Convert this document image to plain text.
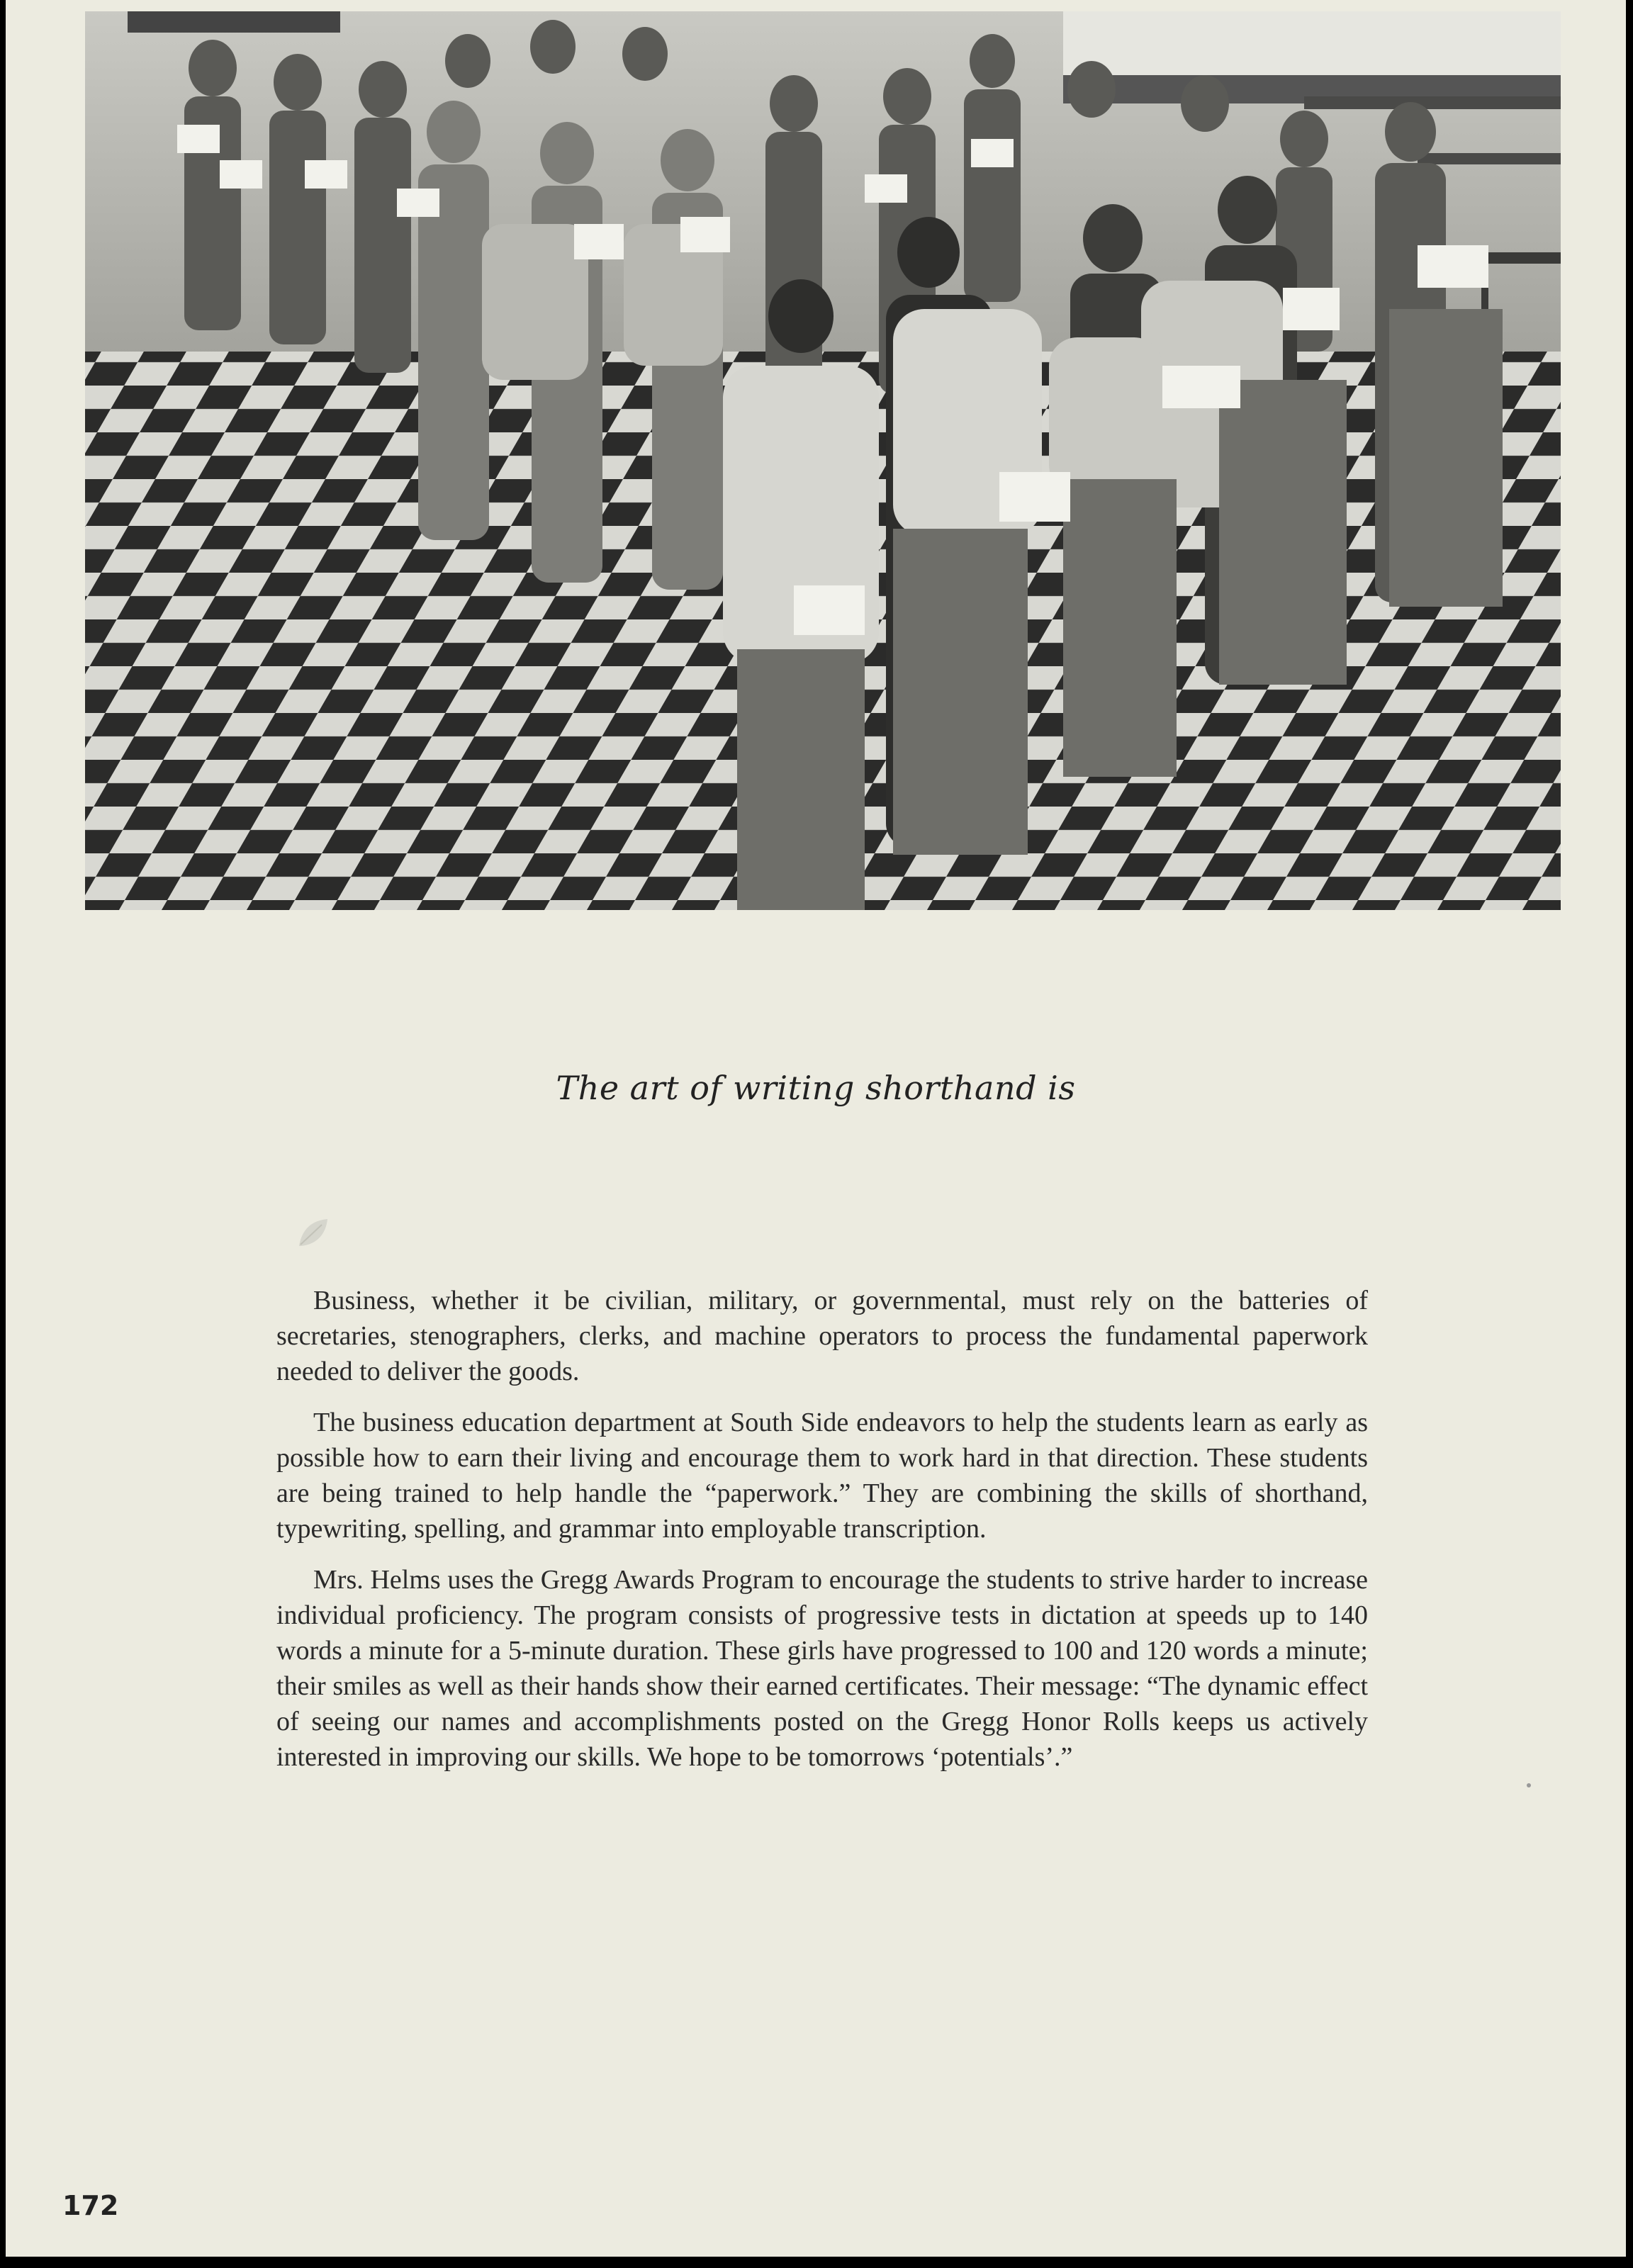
The art of writing shorthand is

Business, whether it be civilian, military, or governmental, must rely on the batteries of secretaries, stenographers, clerks, and machine operators to process the fundamental paperwork needed to deliver the goods.

The business education department at South Side endeavors to help the students learn as early as possible how to earn their living and encourage them to work hard in that direction. These students are being trained to help handle the “paperwork.” They are combining the skills of shorthand, typewriting, spelling, and grammar into employable transcription.

Mrs. Helms uses the Gregg Awards Program to encourage the students to strive harder to increase individual proficiency. The program consists of progressive tests in dictation at speeds up to 140 words a minute for a 5-minute duration. These girls have progressed to 100 and 120 words a minute; their smiles as well as their hands show their earned certificates. Their message: “The dynamic effect of seeing our names and accomplishments posted on the Gregg Honor Rolls keeps us actively interested in improving our skills. We hope to be tomorrows ‘potentials’.”

172
